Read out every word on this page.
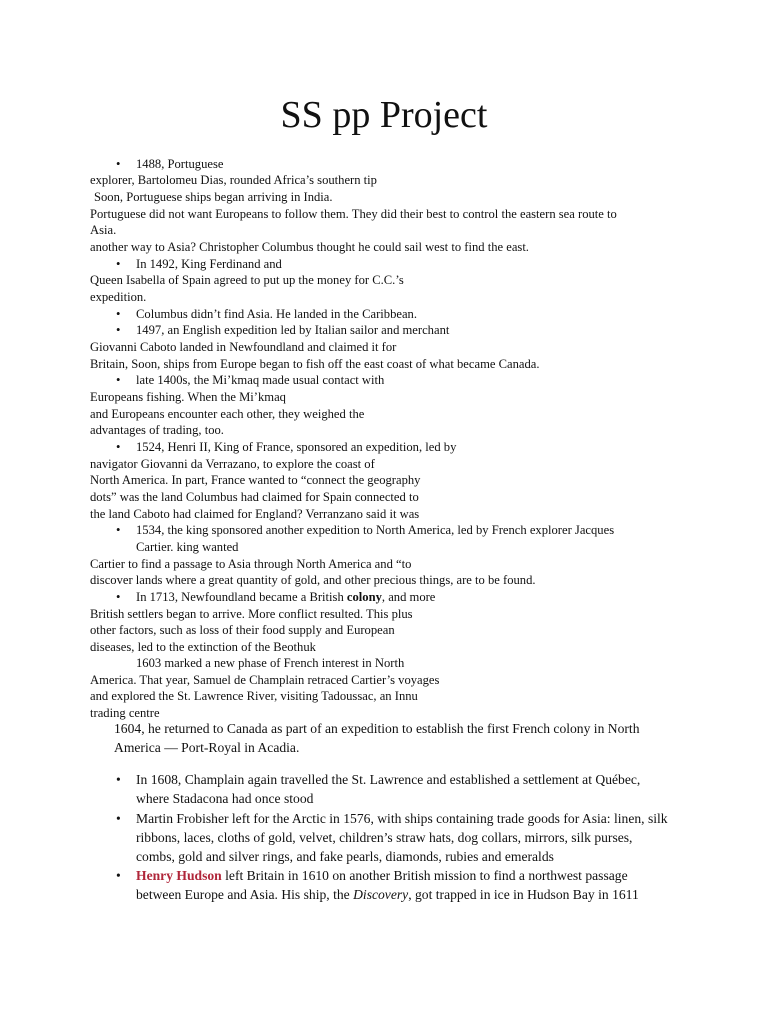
SS pp Project

• 1488, Portuguese

explorer, Bartolomeu Dias, rounded Africa’s southern tip

Soon, Portuguese ships began arriving in India.

Portuguese did not want Europeans to follow them. They did their best to control the eastern sea route to

Asia.

another way to Asia? Christopher Columbus thought he could sail west to find the east.

• In 1492, King Ferdinand and

Queen Isabella of Spain agreed to put up the money for C.C.’s

expedition.

• Columbus didn’t find Asia. He landed in the Caribbean.

• 1497, an English expedition led by Italian sailor and merchant

Giovanni Caboto landed in Newfoundland and claimed it for

Britain, Soon, ships from Europe began to fish off the east coast of what became Canada.

• late 1400s, the Mi’kmaq made usual contact with

Europeans fishing. When the Mi’kmaq

and Europeans encounter each other, they weighed the

advantages of trading, too.

• 1524, Henri II, King of France, sponsored an expedition, led by

navigator Giovanni da Verrazano, to explore the coast of

North America. In part, France wanted to “connect the geography

dots” was the land Columbus had claimed for Spain connected to

the land Caboto had claimed for England? Verranzano said it was

• 1534, the king sponsored another expedition to North America, led by French explorer Jacques

Cartier. king wanted

Cartier to find a passage to Asia through North America and “to

discover lands where a great quantity of gold, and other precious things, are to be found.

• In 1713, Newfoundland became a British colony, and more

British settlers began to arrive. More conflict resulted. This plus

other factors, such as loss of their food supply and European

diseases, led to the extinction of the Beothuk

1603 marked a new phase of French interest in North

America. That year, Samuel de Champlain retraced Cartier’s voyages

and explored the St. Lawrence River, visiting Tadoussac, an Innu

trading centre

1604, he returned to Canada as part of an expedition to establish the first French colony in North

America — Port-Royal in Acadia.

• In 1608, Champlain again travelled the St. Lawrence and established a settlement at Québec,

where Stadacona had once stood

• Martin Frobisher left for the Arctic in 1576, with ships containing trade goods for Asia: linen, silk

ribbons, laces, cloths of gold, velvet, children’s straw hats, dog collars, mirrors, silk purses,

combs, gold and silver rings, and fake pearls, diamonds, rubies and emeralds

• Henry Hudson left Britain in 1610 on another British mission to find a northwest passage

between Europe and Asia. His ship, the Discovery, got trapped in ice in Hudson Bay in 1611
